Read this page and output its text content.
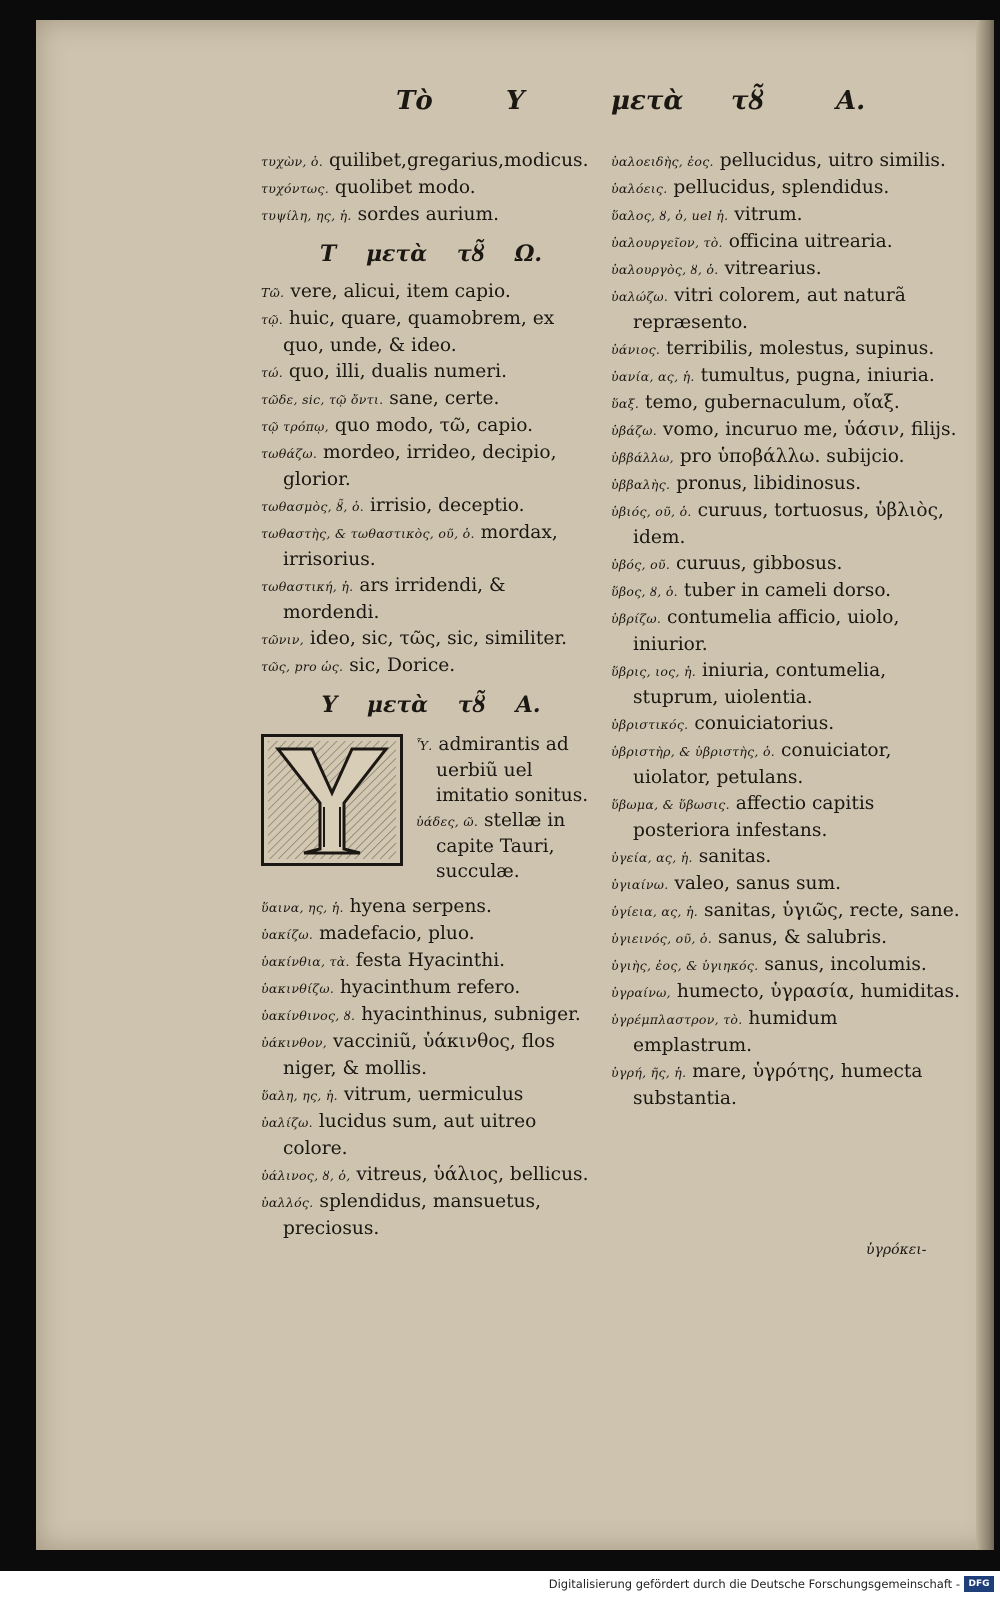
Τὸ	Υ	μετὰ τȣ̃	Α.

τυχὼν, ὁ. quilibet,gregarius,modicus.

τυχόντως. quolibet modo.

τυψίλη, ης, ἡ. sordes aurium.

Τ μετὰ τȣ̃ Ω.

Τῶ. vere, alicui, item capio.

τῷ. huic, quare, quamobrem, ex quo, unde, & ideo.

τώ. quo, illi, dualis numeri.

τῶδε, sic, τῷ ὄντι. sane, certe.

τῷ τρόπῳ, quo modo, τῶ, capio.

τωθάζω. mordeo, irrideo, decipio, glorior.

τωθασμὸς, ȣ̃, ὁ. irrisio, deceptio.

τωθαστὴς, & τωθαστικὸς, οῦ, ὁ. mordax, irrisorius.

τωθαστική, ἡ. ars irridendi, & mordendi.

τῶνιν, ideo, sic, τῶς, sic, similiter.

τῶς, pro ὡς. sic, Dorice.

Υ μετὰ τȣ̃ Α.

Ὗ. admirantis ad uerbiũ uel imitatio sonitus.

ὑάδες, ῶ. stellæ in capite Tauri, succulæ.

ὕαινα, ης, ἡ. hyena serpens.

ὑακίζω. madefacio, pluo.

ὑακίνθια, τὰ. festa Hyacinthi.

ὑακινθίζω. hyacinthum refero.

ὑακίνθινος, ȣ. hyacinthinus, subniger.

ὑάκινθον, vacciniũ, ὑάκινθος, flos niger, & mollis.

ὕαλη, ης, ἡ. vitrum, uermiculus

ὑαλίζω. lucidus sum, aut uitreo colore.

ὑάλινος, ȣ, ὁ, vitreus, ὑάλιος, bellicus.

ὑαλλός. splendidus, mansuetus, preciosus.

ὑαλοειδὴς, ἐος. pellucidus, uitro similis.

ὑαλόεις. pellucidus, splendidus.

ὕαλος, ȣ, ὁ, uel ἡ. vitrum.

ὑαλουργεῖον, τὸ. officina uitrearia.

ὑαλουργὸς, ȣ, ὁ. vitrearius.

ὑαλώζω. vitri colorem, aut naturã repræsento.

ὑάνιος. terribilis, molestus, supinus.

ὑανία, ας, ἡ. tumultus, pugna, iniuria.

ὕαξ. temo, gubernaculum, οἴαξ.

ὑβάζω. vomo, incuruo me, ὑάσιν, filijs.

ὑββάλλω, pro ὑποβάλλω. subijcio.

ὑββαλὴς. pronus, libidinosus.

ὑβιός, οῦ, ὁ. curuus, tortuosus, ὑβλιὸς, idem.

ὑβός, οῦ. curuus, gibbosus.

ὕβος, ȣ, ὁ. tuber in cameli dorso.

ὑβρίζω. contumelia afficio, uiolo, iniurior.

ὕβρις, ιος, ἡ. iniuria, contumelia, stuprum, uiolentia.

ὑβριστικός. conuiciatorius.

ὑβριστὴρ, & ὑβριστὴς, ὁ. conuiciator, uiolator, petulans.

ὕβωμα, & ὕβωσις. affectio capitis posteriora infestans.

ὑγεία, ας, ἡ. sanitas.

ὑγιαίνω. valeo, sanus sum.

ὑγίεια, ας, ἡ. sanitas, ὑγιῶς, recte, sane.

ὑγιεινός, οῦ, ὁ. sanus, & salubris.

ὑγιὴς, ἐος, & ὑγιηκός. sanus, incolumis.

ὑγραίνω, humecto, ὑγρασία, humiditas.

ὑγρέμπλαστρον, τὸ. humidum emplastrum.

ὑγρή, ῆς, ἡ. mare, ὑγρότης, humecta substantia.

ὑγρόκει-
Digitalisierung gefördert durch die Deutsche Forschungsgemeinschaft - DFG
